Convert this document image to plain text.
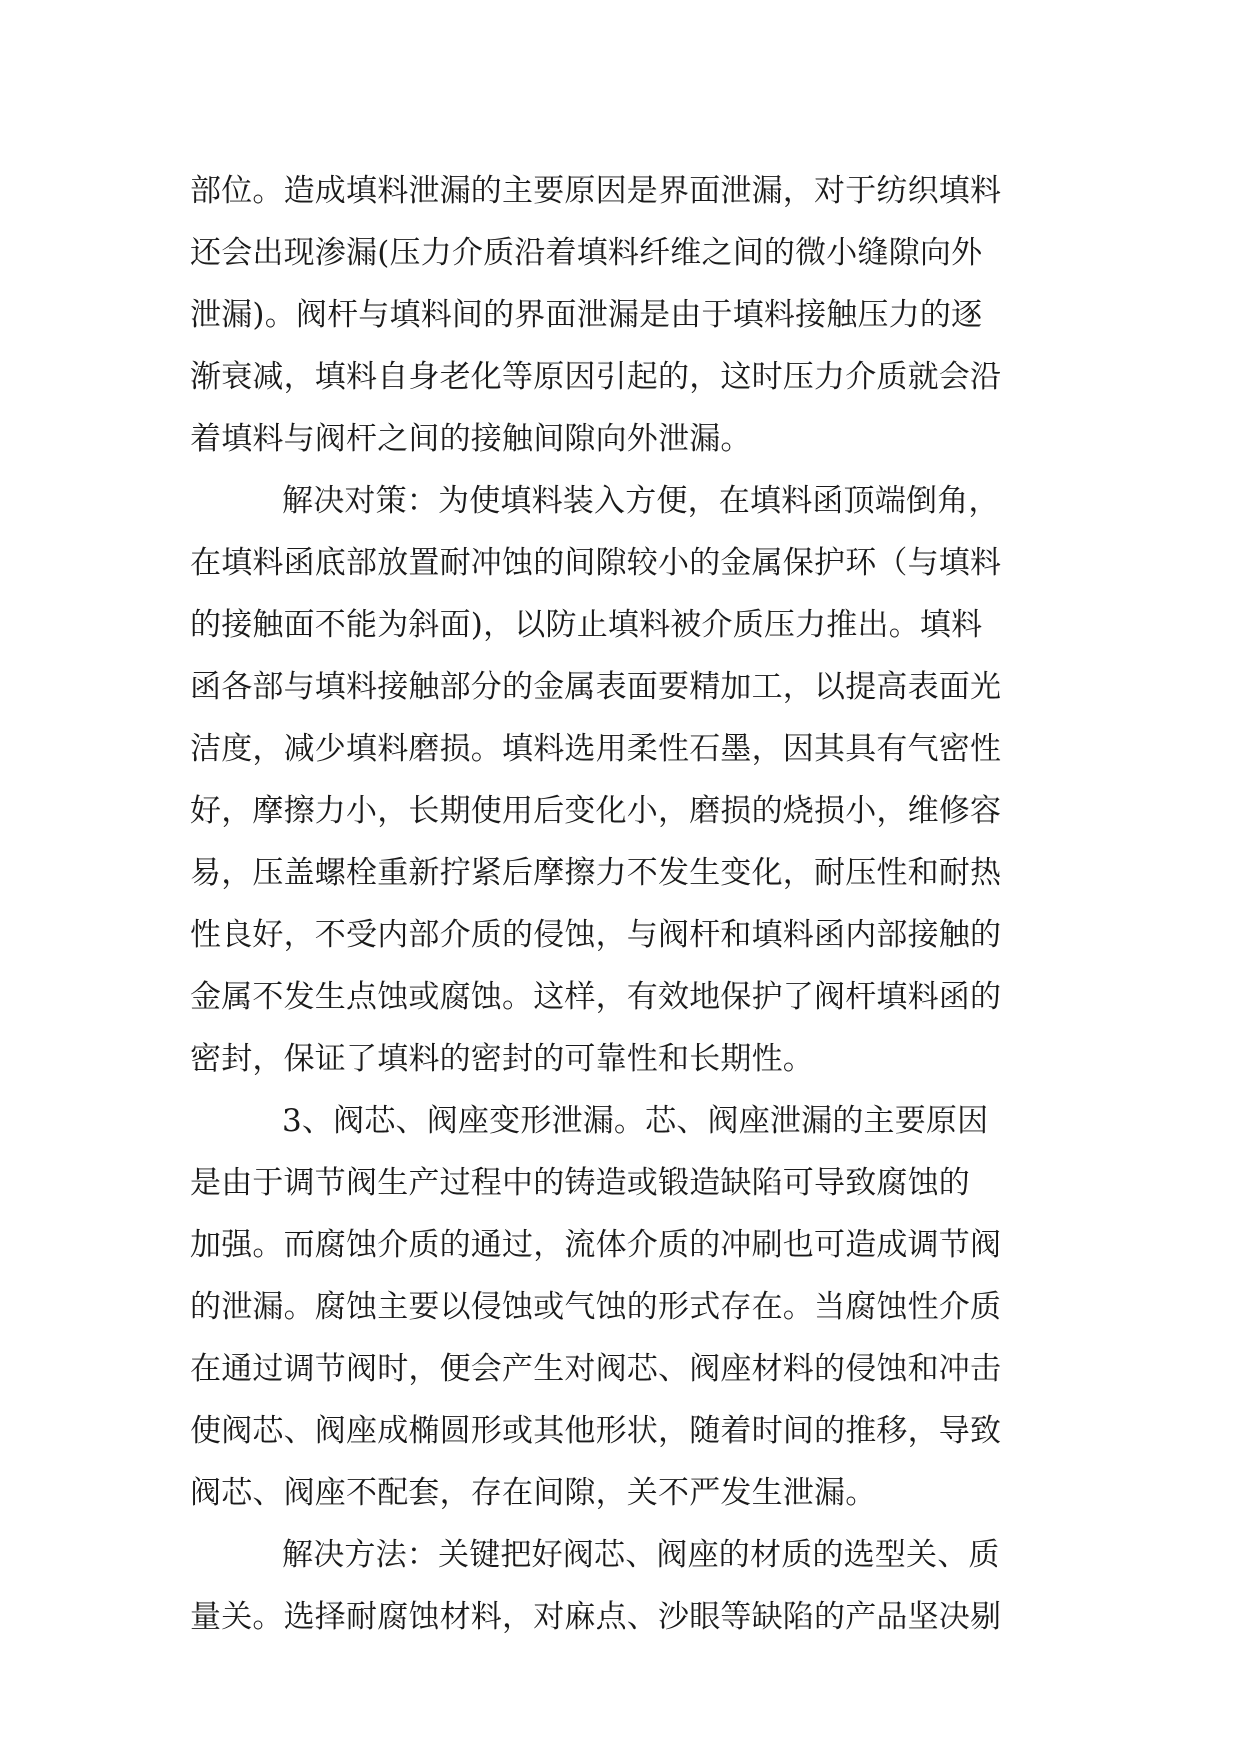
部位。造成填料泄漏的主要原因是界面泄漏，对于纺织填料
还会出现渗漏(压力介质沿着填料纤维之间的微小缝隙向外
泄漏)。阀杆与填料间的界面泄漏是由于填料接触压力的逐
渐衰减，填料自身老化等原因引起的，这时压力介质就会沿
着填料与阀杆之间的接触间隙向外泄漏。
解决对策：为使填料装入方便，在填料函顶端倒角，
在填料函底部放置耐冲蚀的间隙较小的金属保护环（与填料
的接触面不能为斜面)，以防止填料被介质压力推出。填料
函各部与填料接触部分的金属表面要精加工，以提高表面光
洁度，减少填料磨损。填料选用柔性石墨，因其具有气密性
好，摩擦力小，长期使用后变化小，磨损的烧损小，维修容
易，压盖螺栓重新拧紧后摩擦力不发生变化，耐压性和耐热
性良好，不受内部介质的侵蚀，与阀杆和填料函内部接触的
金属不发生点蚀或腐蚀。这样，有效地保护了阀杆填料函的
密封，保证了填料的密封的可靠性和长期性。
3、阀芯、阀座变形泄漏。芯、阀座泄漏的主要原因
是由于调节阀生产过程中的铸造或锻造缺陷可导致腐蚀的
加强。而腐蚀介质的通过，流体介质的冲刷也可造成调节阀
的泄漏。腐蚀主要以侵蚀或气蚀的形式存在。当腐蚀性介质
在通过调节阀时，便会产生对阀芯、阀座材料的侵蚀和冲击
使阀芯、阀座成椭圆形或其他形状，随着时间的推移，导致
阀芯、阀座不配套，存在间隙，关不严发生泄漏。
解决方法：关键把好阀芯、阀座的材质的选型关、质
量关。选择耐腐蚀材料，对麻点、沙眼等缺陷的产品坚决剔
